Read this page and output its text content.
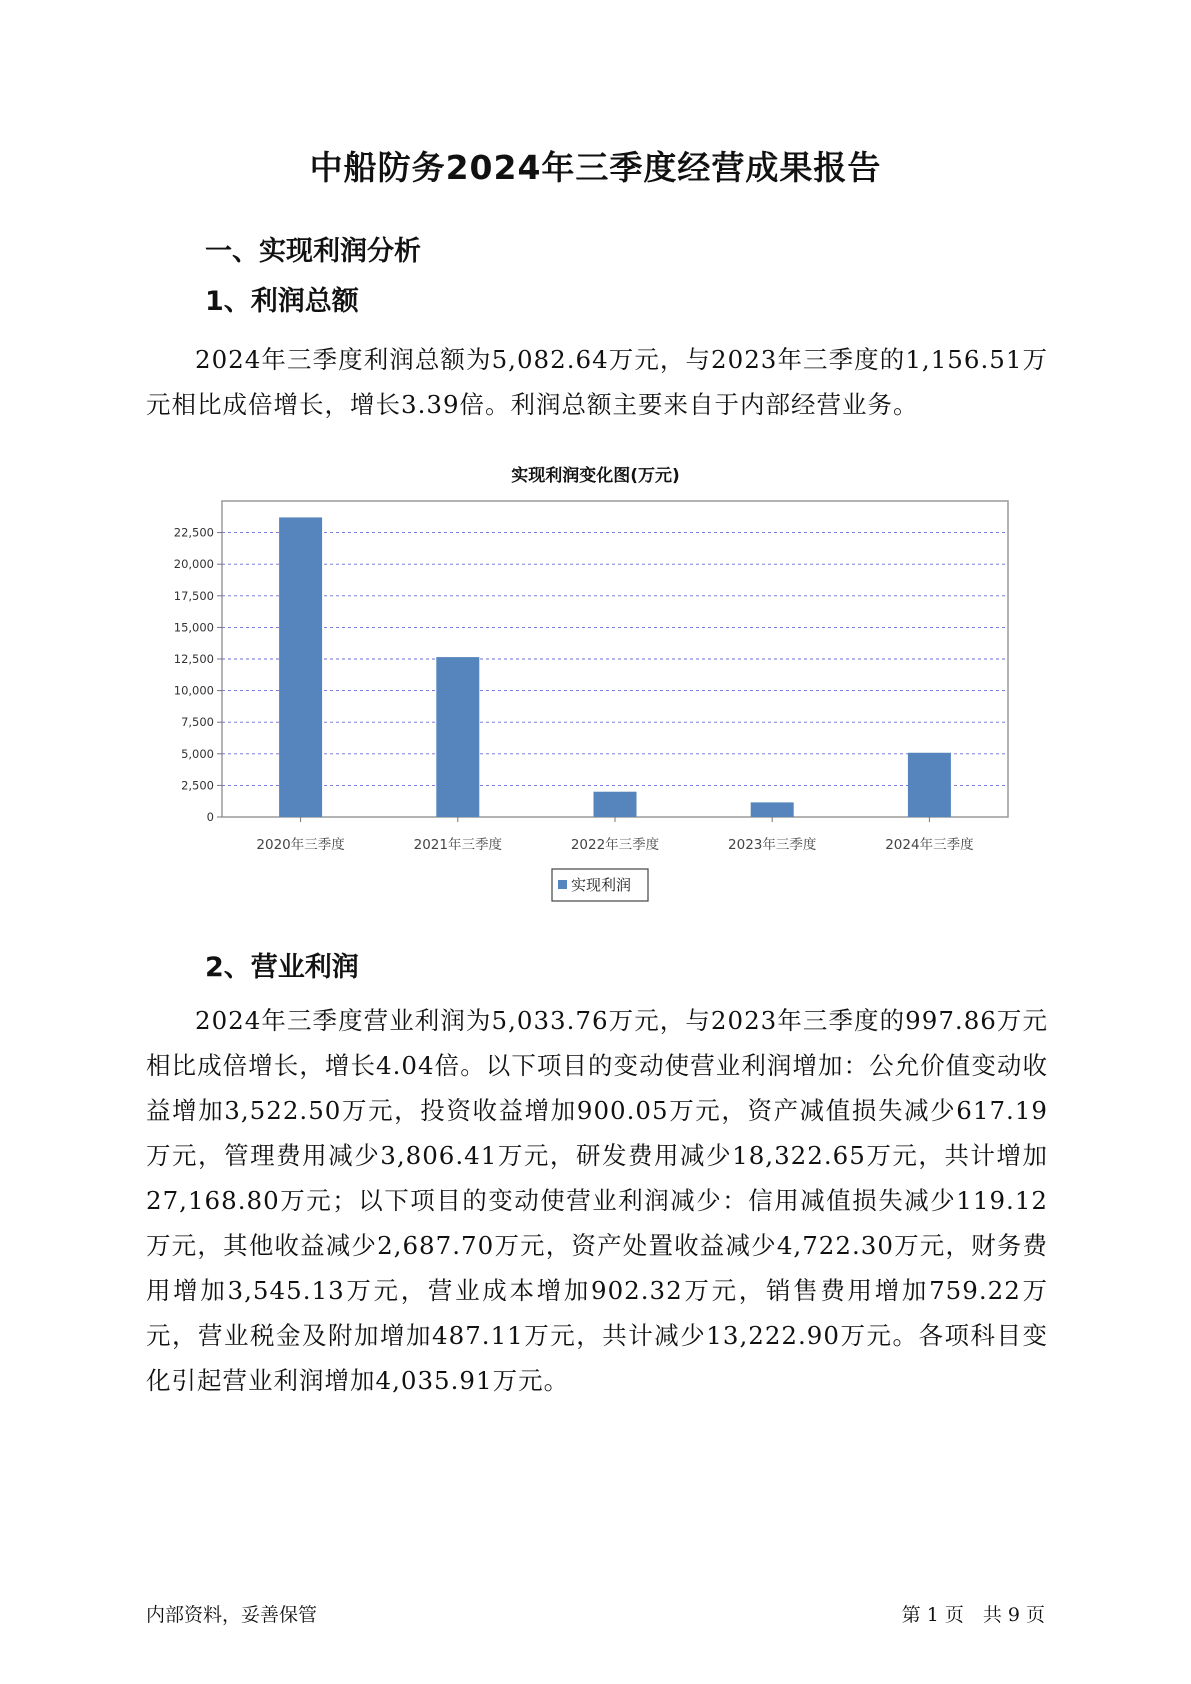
中船防务2024年三季度经营成果报告
一、实现利润分析
1、利润总额
2024年三季度利润总额为5,082.64万元，与2023年三季度的1,156.51万元相比成倍增长，增长3.39倍。利润总额主要来自于内部经营业务。
实现利润变化图(万元)
0
2,500
5,000
7,500
10,000
12,500
15,000
17,500
20,000
22,500
2020年三季度	2021年三季度	2022年三季度	2023年三季度	2024年三季度
实现利润
2、营业利润
2024年三季度营业利润为5,033.76万元，与2023年三季度的997.86万元相比成倍增长，增长4.04倍。以下项目的变动使营业利润增加：公允价值变动收益增加3,522.50万元，投资收益增加900.05万元，资产减值损失减少617.19万元，管理费用减少3,806.41万元，研发费用减少18,322.65万元，共计增加27,168.80万元；以下项目的变动使营业利润减少：信用减值损失减少119.12万元，其他收益减少2,687.70万元，资产处置收益减少4,722.30万元，财务费用增加3,545.13万元，营业成本增加902.32万元，销售费用增加759.22万元，营业税金及附加增加487.11万元，共计减少13,222.90万元。各项科目变化引起营业利润增加4,035.91万元。
内部资料，妥善保管	第 1 页　共 9 页
